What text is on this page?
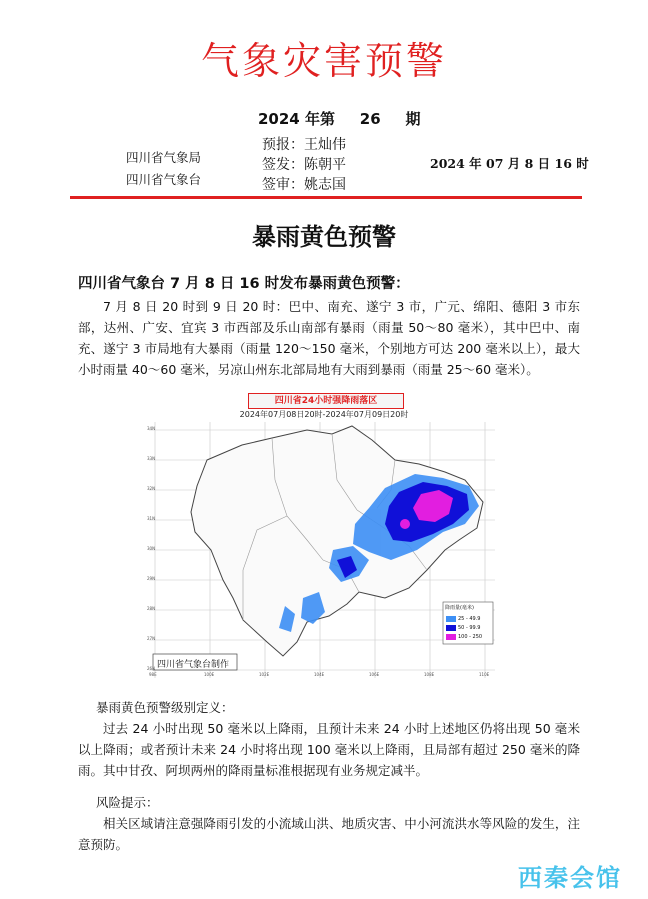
气象灾害预警
2024 年第 26 期
四川省气象局
四川省气象台
预报：王灿伟
签发：陈朝平
签审：姚志国
2024 年 07 月 8 日 16 时
暴雨黄色预警
四川省气象台 7 月 8 日 16 时发布暴雨黄色预警：
7 月 8 日 20 时到 9 日 20 时：巴中、南充、遂宁 3 市，广元、绵阳、德阳 3 市东部，达州、广安、宜宾 3 市西部及乐山南部有暴雨（雨量 50～80 毫米），其中巴中、南充、遂宁 3 市局地有大暴雨（雨量 120～150 毫米，个别地方可达 200 毫米以上），最大小时雨量 40～60 毫米，另凉山州东北部局地有大雨到暴雨（雨量 25～60 毫米）。
四川省24小时强降雨落区
2024年07月08日20时-2024年07月09日20时
四川省气象台制作
降雨量(毫米)
25 - 49.9
50 - 99.9
100 - 250
98E	100E	102E	104E	106E	108E	110E
34N
33N
32N
31N
30N
29N
28N
27N
26N
暴雨黄色预警级别定义：
过去 24 小时出现 50 毫米以上降雨，且预计未来 24 小时上述地区仍将出现 50 毫米以上降雨；或者预计未来 24 小时将出现 100 毫米以上降雨，且局部有超过 250 毫米的降雨。其中甘孜、阿坝两州的降雨量标准根据现有业务规定减半。
风险提示：
相关区域请注意强降雨引发的小流域山洪、地质灾害、中小河流洪水等风险的发生，注意预防。
西秦会馆
